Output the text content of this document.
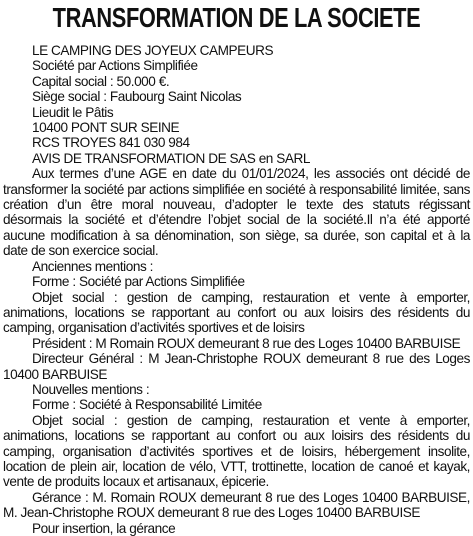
TRANSFORMATION DE LA SOCIETE

LE CAMPING DES JOYEUX CAMPEURS

Société par Actions Simplifiée

Capital social : 50.000 €.

Siège social : Faubourg Saint Nicolas

Lieudit le Pâtis

10400 PONT SUR SEINE

RCS TROYES 841 030 984

AVIS DE TRANSFORMATION DE SAS en SARL

Aux termes d’une AGE en date du 01/01/2024, les associés ont décidé de transformer la société par actions simplifiée en société à responsabilité limitée, sans création d’un être moral nouveau, d’adopter le texte des statuts régissant désormais la société et d’étendre l’objet social de la société.Il n’a été apporté aucune modification à sa dénomination, son siège, sa durée, son capital et à la date de son exercice social.

Anciennes mentions :

Forme : Société par Actions Simplifiée

Objet social : gestion de camping, restauration et vente à emporter, animations, locations se rapportant au confort ou aux loisirs des résidents du camping, organisation d’activités sportives et de loisirs

Président : M Romain ROUX demeurant 8 rue des Loges 10400 BARBUISE

Directeur Général : M Jean-Christophe ROUX demeurant 8 rue des Loges 10400 BARBUISE

Nouvelles mentions :

Forme : Société à Responsabilité Limitée

Objet social : gestion de camping, restauration et vente à emporter, animations, locations se rapportant au confort ou aux loisirs des résidents du camping, organisation d’activités sportives et de loisirs, hébergement insolite, location de plein air, location de vélo, VTT, trottinette, location de canoé et kayak, vente de produits locaux et artisanaux, épicerie.

Gérance : M. Romain ROUX demeurant 8 rue des Loges 10400 BARBUISE, M. Jean-Christophe ROUX demeurant 8 rue des Loges 10400 BARBUISE

Pour insertion, la gérance
